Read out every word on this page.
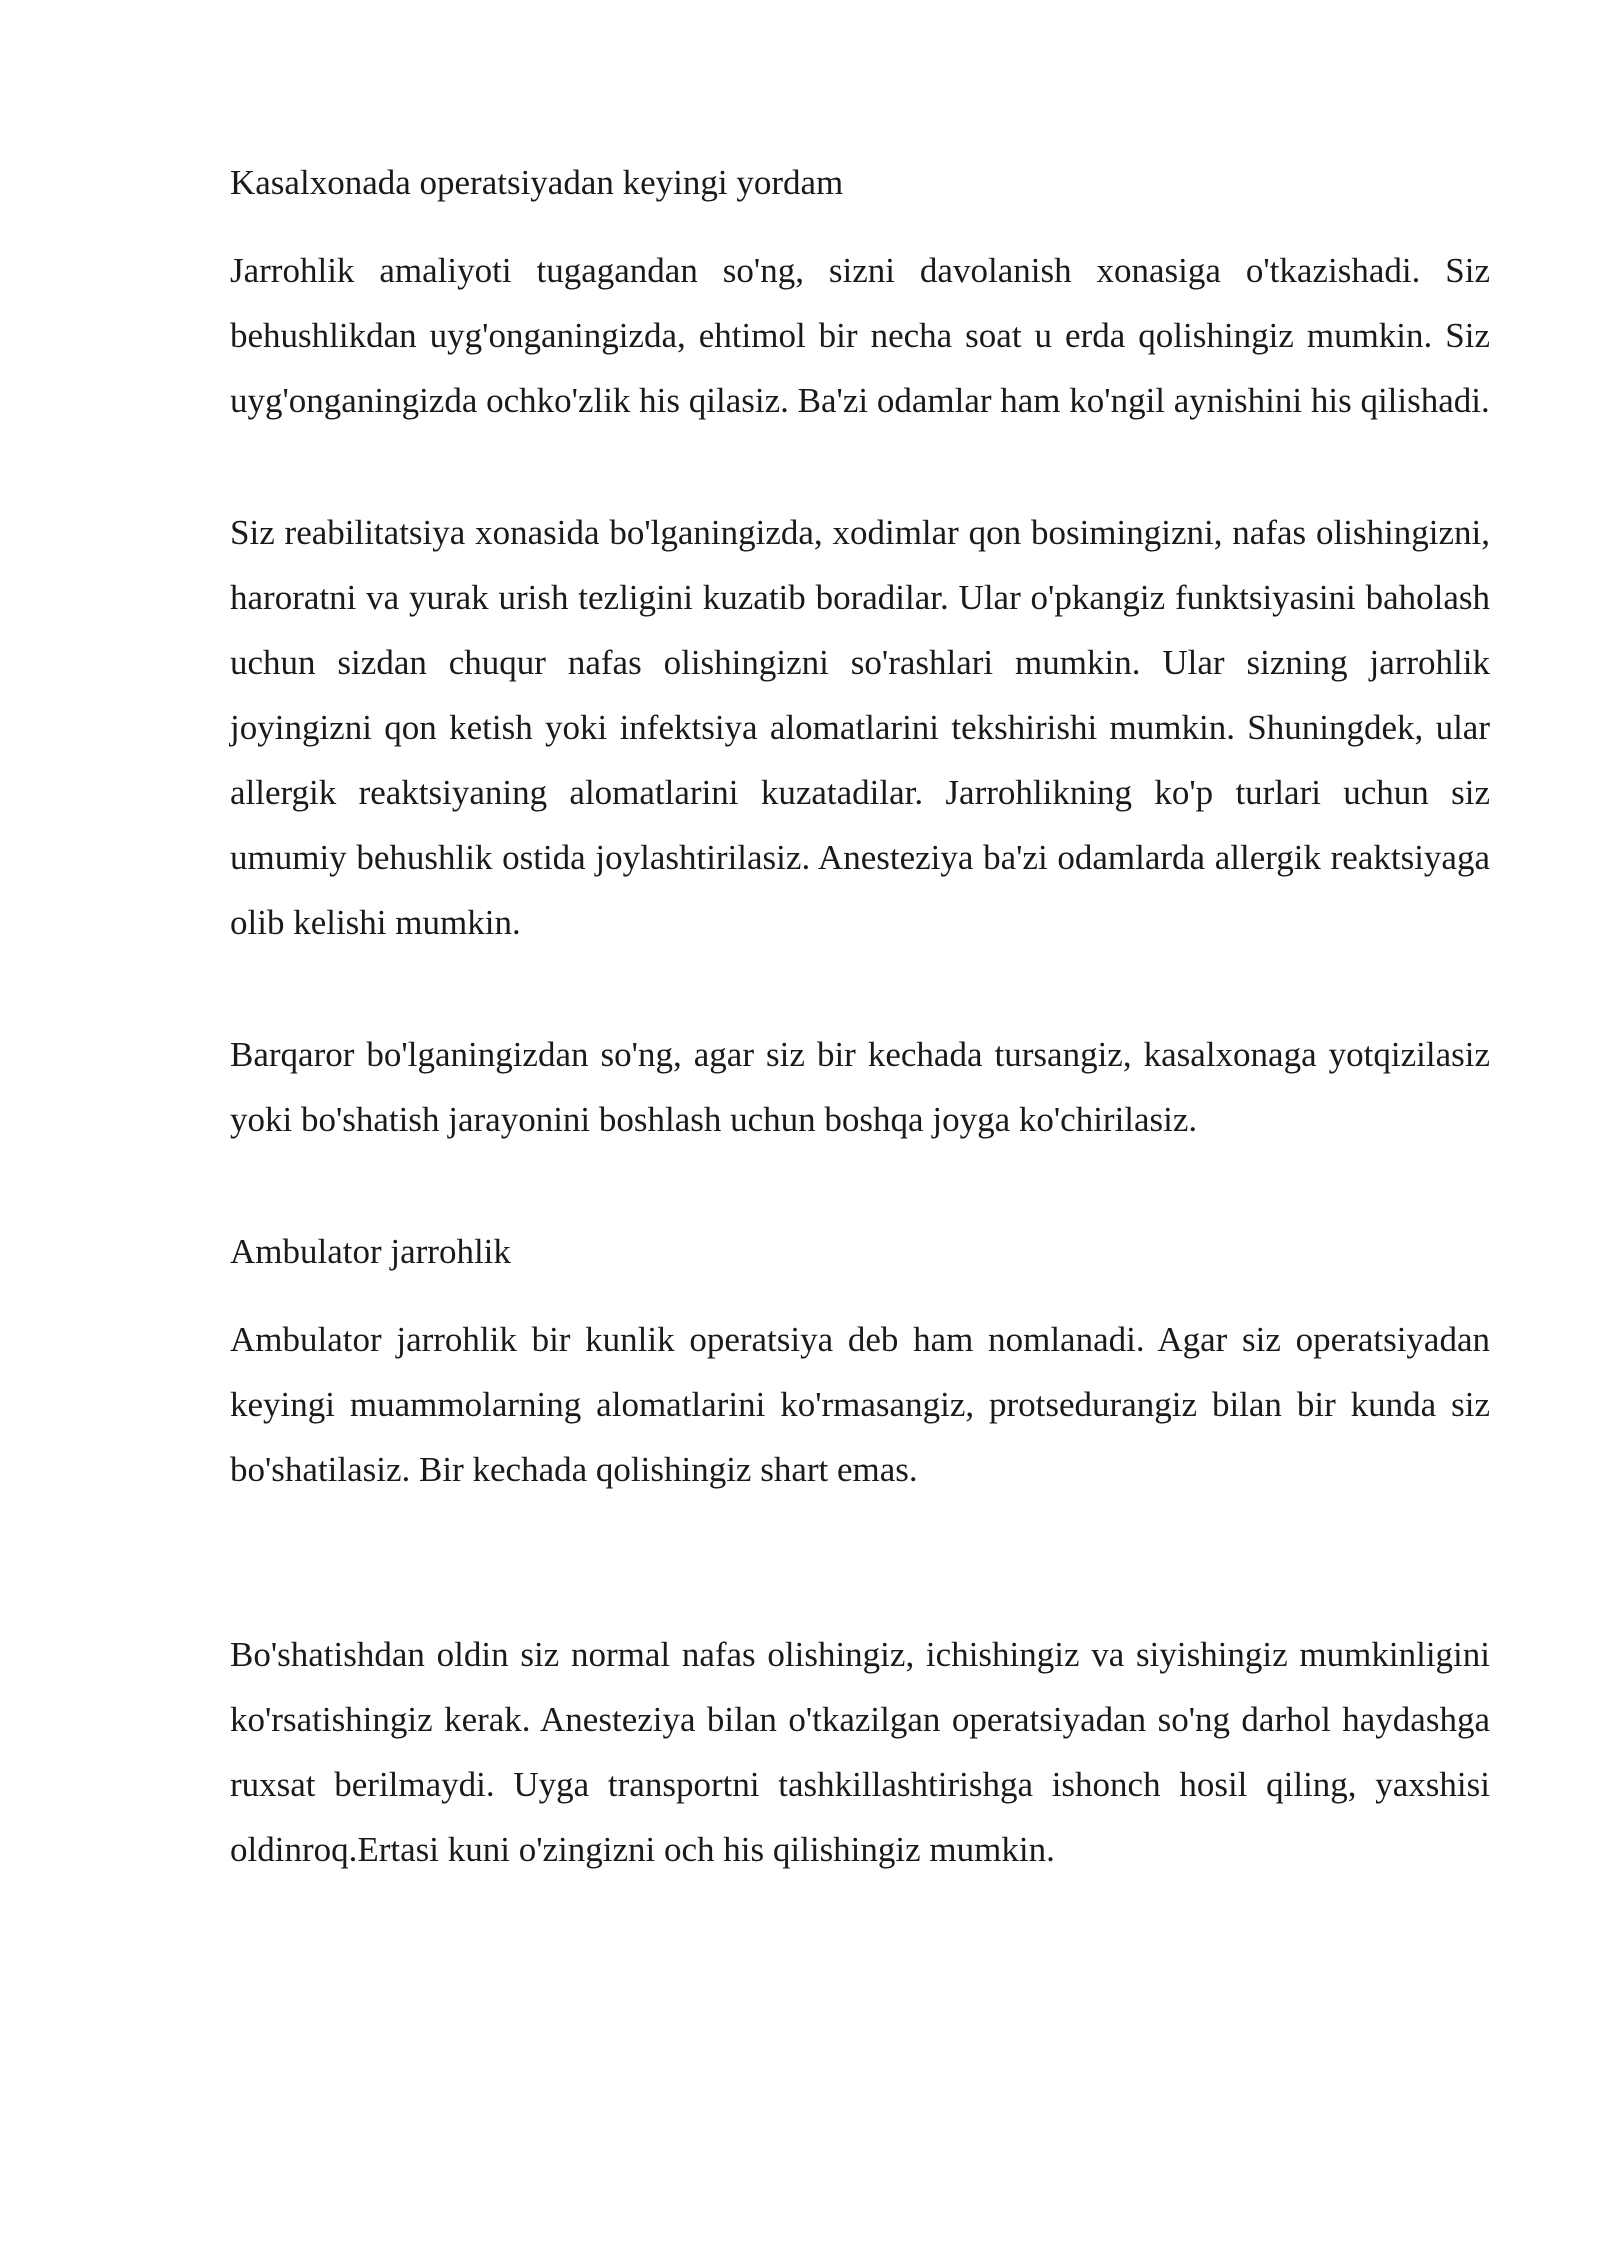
Kasalxonada operatsiyadan keyingi yordam

Jarrohlik amaliyoti tugagandan so'ng, sizni davolanish xonasiga o'tkazishadi. Siz behushlikdan uyg'onganingizda, ehtimol bir necha soat u erda qolishingiz mumkin. Siz uyg'onganingizda ochko'zlik his qilasiz. Ba'zi odamlar ham ko'ngil aynishini his qilishadi.

Siz reabilitatsiya xonasida bo'lganingizda, xodimlar qon bosimingizni, nafas olishingizni, haroratni va yurak urish tezligini kuzatib boradilar. Ular o'pkangiz funktsiyasini baholash uchun sizdan chuqur nafas olishingizni so'rashlari mumkin. Ular sizning jarrohlik joyingizni qon ketish yoki infektsiya alomatlarini tekshirishi mumkin. Shuningdek, ular allergik reaktsiyaning alomatlarini kuzatadilar. Jarrohlikning ko'p turlari uchun siz umumiy behushlik ostida joylashtirilasiz. Anesteziya ba'zi odamlarda allergik reaktsiyaga olib kelishi mumkin.

Barqaror bo'lganingizdan so'ng, agar siz bir kechada tursangiz, kasalxonaga yotqizilasiz yoki bo'shatish jarayonini boshlash uchun boshqa joyga ko'chirilasiz.

Ambulator jarrohlik

Ambulator jarrohlik bir kunlik operatsiya deb ham nomlanadi. Agar siz operatsiyadan keyingi muammolarning alomatlarini ko'rmasangiz, protsedurangiz bilan bir kunda siz bo'shatilasiz. Bir kechada qolishingiz shart emas.

Bo'shatishdan oldin siz normal nafas olishingiz, ichishingiz va siyishingiz mumkinligini ko'rsatishingiz kerak. Anesteziya bilan o'tkazilgan operatsiyadan so'ng darhol haydashga ruxsat berilmaydi. Uyga transportni tashkillashtirishga ishonch hosil qiling, yaxshisi oldinroq.Ertasi kuni o'zingizni och his qilishingiz mumkin.
